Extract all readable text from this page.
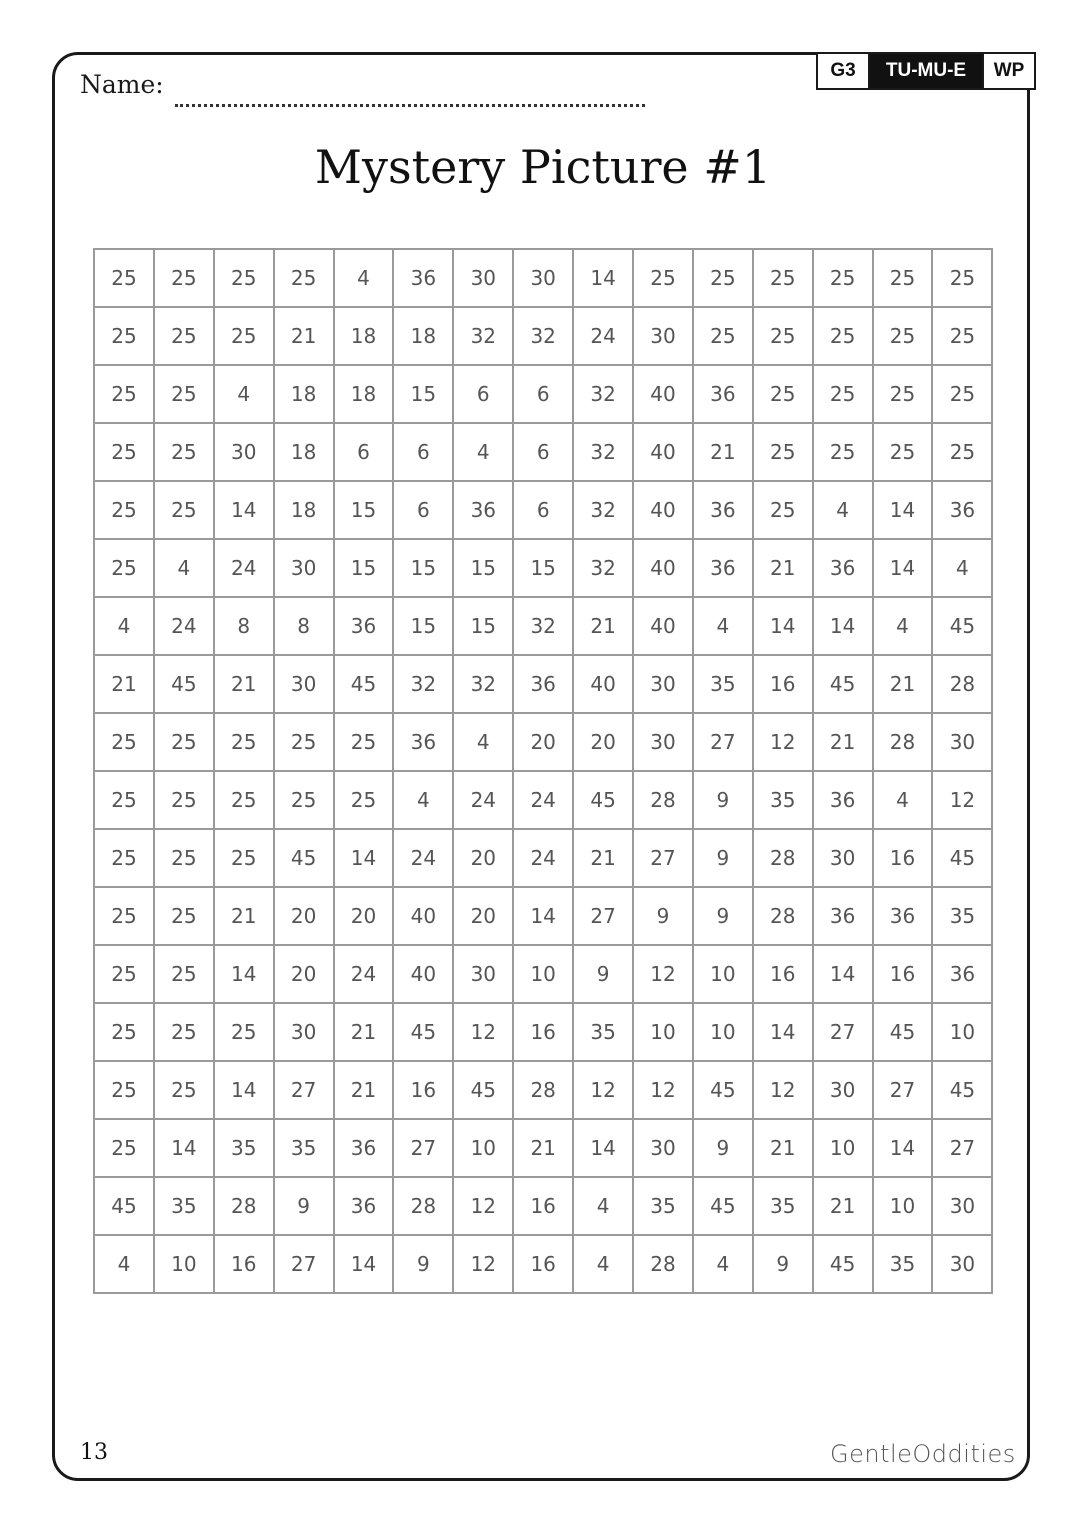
Name:	G3	TU-MU-E	WP
Mystery Picture #1
25	25	25	25	4	36	30	30	14	25	25	25	25	25	25
25	25	25	21	18	18	32	32	24	30	25	25	25	25	25
25	25	4	18	18	15	6	6	32	40	36	25	25	25	25
25	25	30	18	6	6	4	6	32	40	21	25	25	25	25
25	25	14	18	15	6	36	6	32	40	36	25	4	14	36
25	4	24	30	15	15	15	15	32	40	36	21	36	14	4
4	24	8	8	36	15	15	32	21	40	4	14	14	4	45
21	45	21	30	45	32	32	36	40	30	35	16	45	21	28
25	25	25	25	25	36	4	20	20	30	27	12	21	28	30
25	25	25	25	25	4	24	24	45	28	9	35	36	4	12
25	25	25	45	14	24	20	24	21	27	9	28	30	16	45
25	25	21	20	20	40	20	14	27	9	9	28	36	36	35
25	25	14	20	24	40	30	10	9	12	10	16	14	16	36
25	25	25	30	21	45	12	16	35	10	10	14	27	45	10
25	25	14	27	21	16	45	28	12	12	45	12	30	27	45
25	14	35	35	36	27	10	21	14	30	9	21	10	14	27
45	35	28	9	36	28	12	16	4	35	45	35	21	10	30
4	10	16	27	14	9	12	16	4	28	4	9	45	35	30
13	GentleOddities
